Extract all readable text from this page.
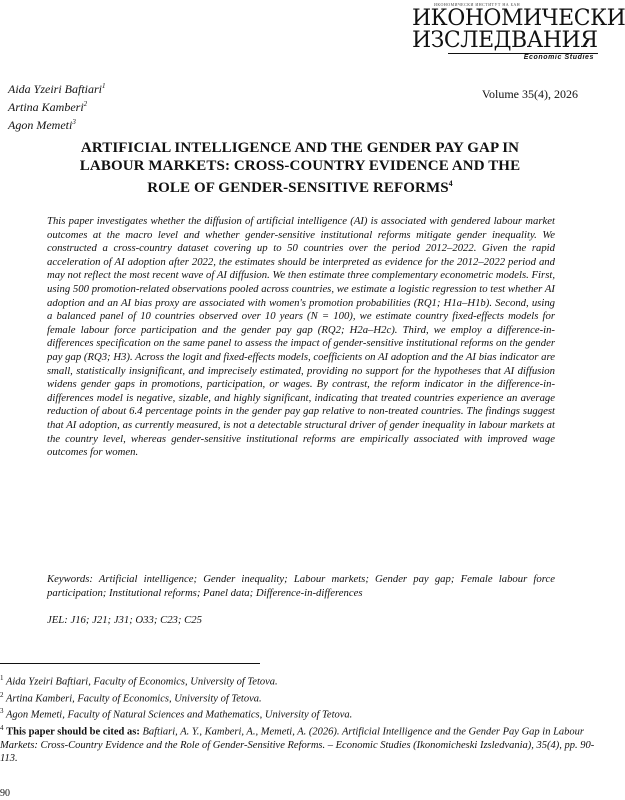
ИКОНОМИЧЕСКИ ИНСТИТУТ НА БАН
ИКОНОМИЧЕСКИ
ИЗСЛЕДВАНИЯ
Economic Studies
Aida Yzeiri Baftiari$^1$
Artina Kamberi$^2$
Agon Memeti$^3$
Volume 35(4), 2026
ARTIFICIAL INTELLIGENCE AND THE GENDER PAY GAP IN
LABOUR MARKETS: CROSS-COUNTRY EVIDENCE AND THE
ROLE OF GENDER-SENSITIVE REFORMS$^4$
This paper investigates whether the diffusion of artificial intelligence (AI) is associated with gendered labour market outcomes at the macro level and whether gender-sensitive institutional reforms mitigate gender inequality. We constructed a cross-country dataset covering up to 50 countries over the period 2012–2022. Given the rapid acceleration of AI adoption after 2022, the estimates should be interpreted as evidence for the 2012–2022 period and may not reflect the most recent wave of AI diffusion. We then estimate three complementary econometric models. First, using 500 promotion-related observations pooled across countries, we estimate a logistic regression to test whether AI adoption and an AI bias proxy are associated with women's promotion probabilities (RQ1; H1a–H1b). Second, using a balanced panel of 10 countries observed over 10 years (N = 100), we estimate country fixed-effects models for female labour force participation and the gender pay gap (RQ2; H2a–H2c). Third, we employ a difference-in-differences specification on the same panel to assess the impact of gender-sensitive institutional reforms on the gender pay gap (RQ3; H3). Across the logit and fixed-effects models, coefficients on AI adoption and the AI bias indicator are small, statistically insignificant, and imprecisely estimated, providing no support for the hypotheses that AI diffusion widens gender gaps in promotions, participation, or wages. By contrast, the reform indicator in the difference-in-differences model is negative, sizable, and highly significant, indicating that treated countries experience an average reduction of about 6.4 percentage points in the gender pay gap relative to non-treated countries. The findings suggest that AI adoption, as currently measured, is not a detectable structural driver of gender inequality in labour markets at the country level, whereas gender-sensitive institutional reforms are empirically associated with improved wage outcomes for women.
Keywords: Artificial intelligence; Gender inequality; Labour markets; Gender pay gap; Female labour force participation; Institutional reforms; Panel data; Difference-in-differences
JEL: J16; J21; J31; O33; C23; C25
$^1$ Aida Yzeiri Baftiari, Faculty of Economics, University of Tetova.
$^2$ Artina Kamberi, Faculty of Economics, University of Tetova.
$^3$ Agon Memeti, Faculty of Natural Sciences and Mathematics, University of Tetova.
$^4$ This paper should be cited as: Baftiari, A. Y., Kamberi, A., Memeti, A. (2026). Artificial Intelligence and the Gender Pay Gap in Labour Markets: Cross-Country Evidence and the Role of Gender-Sensitive Reforms. – Economic Studies (Ikonomicheski Izsledvania), 35(4), pp. 90-113.
90
